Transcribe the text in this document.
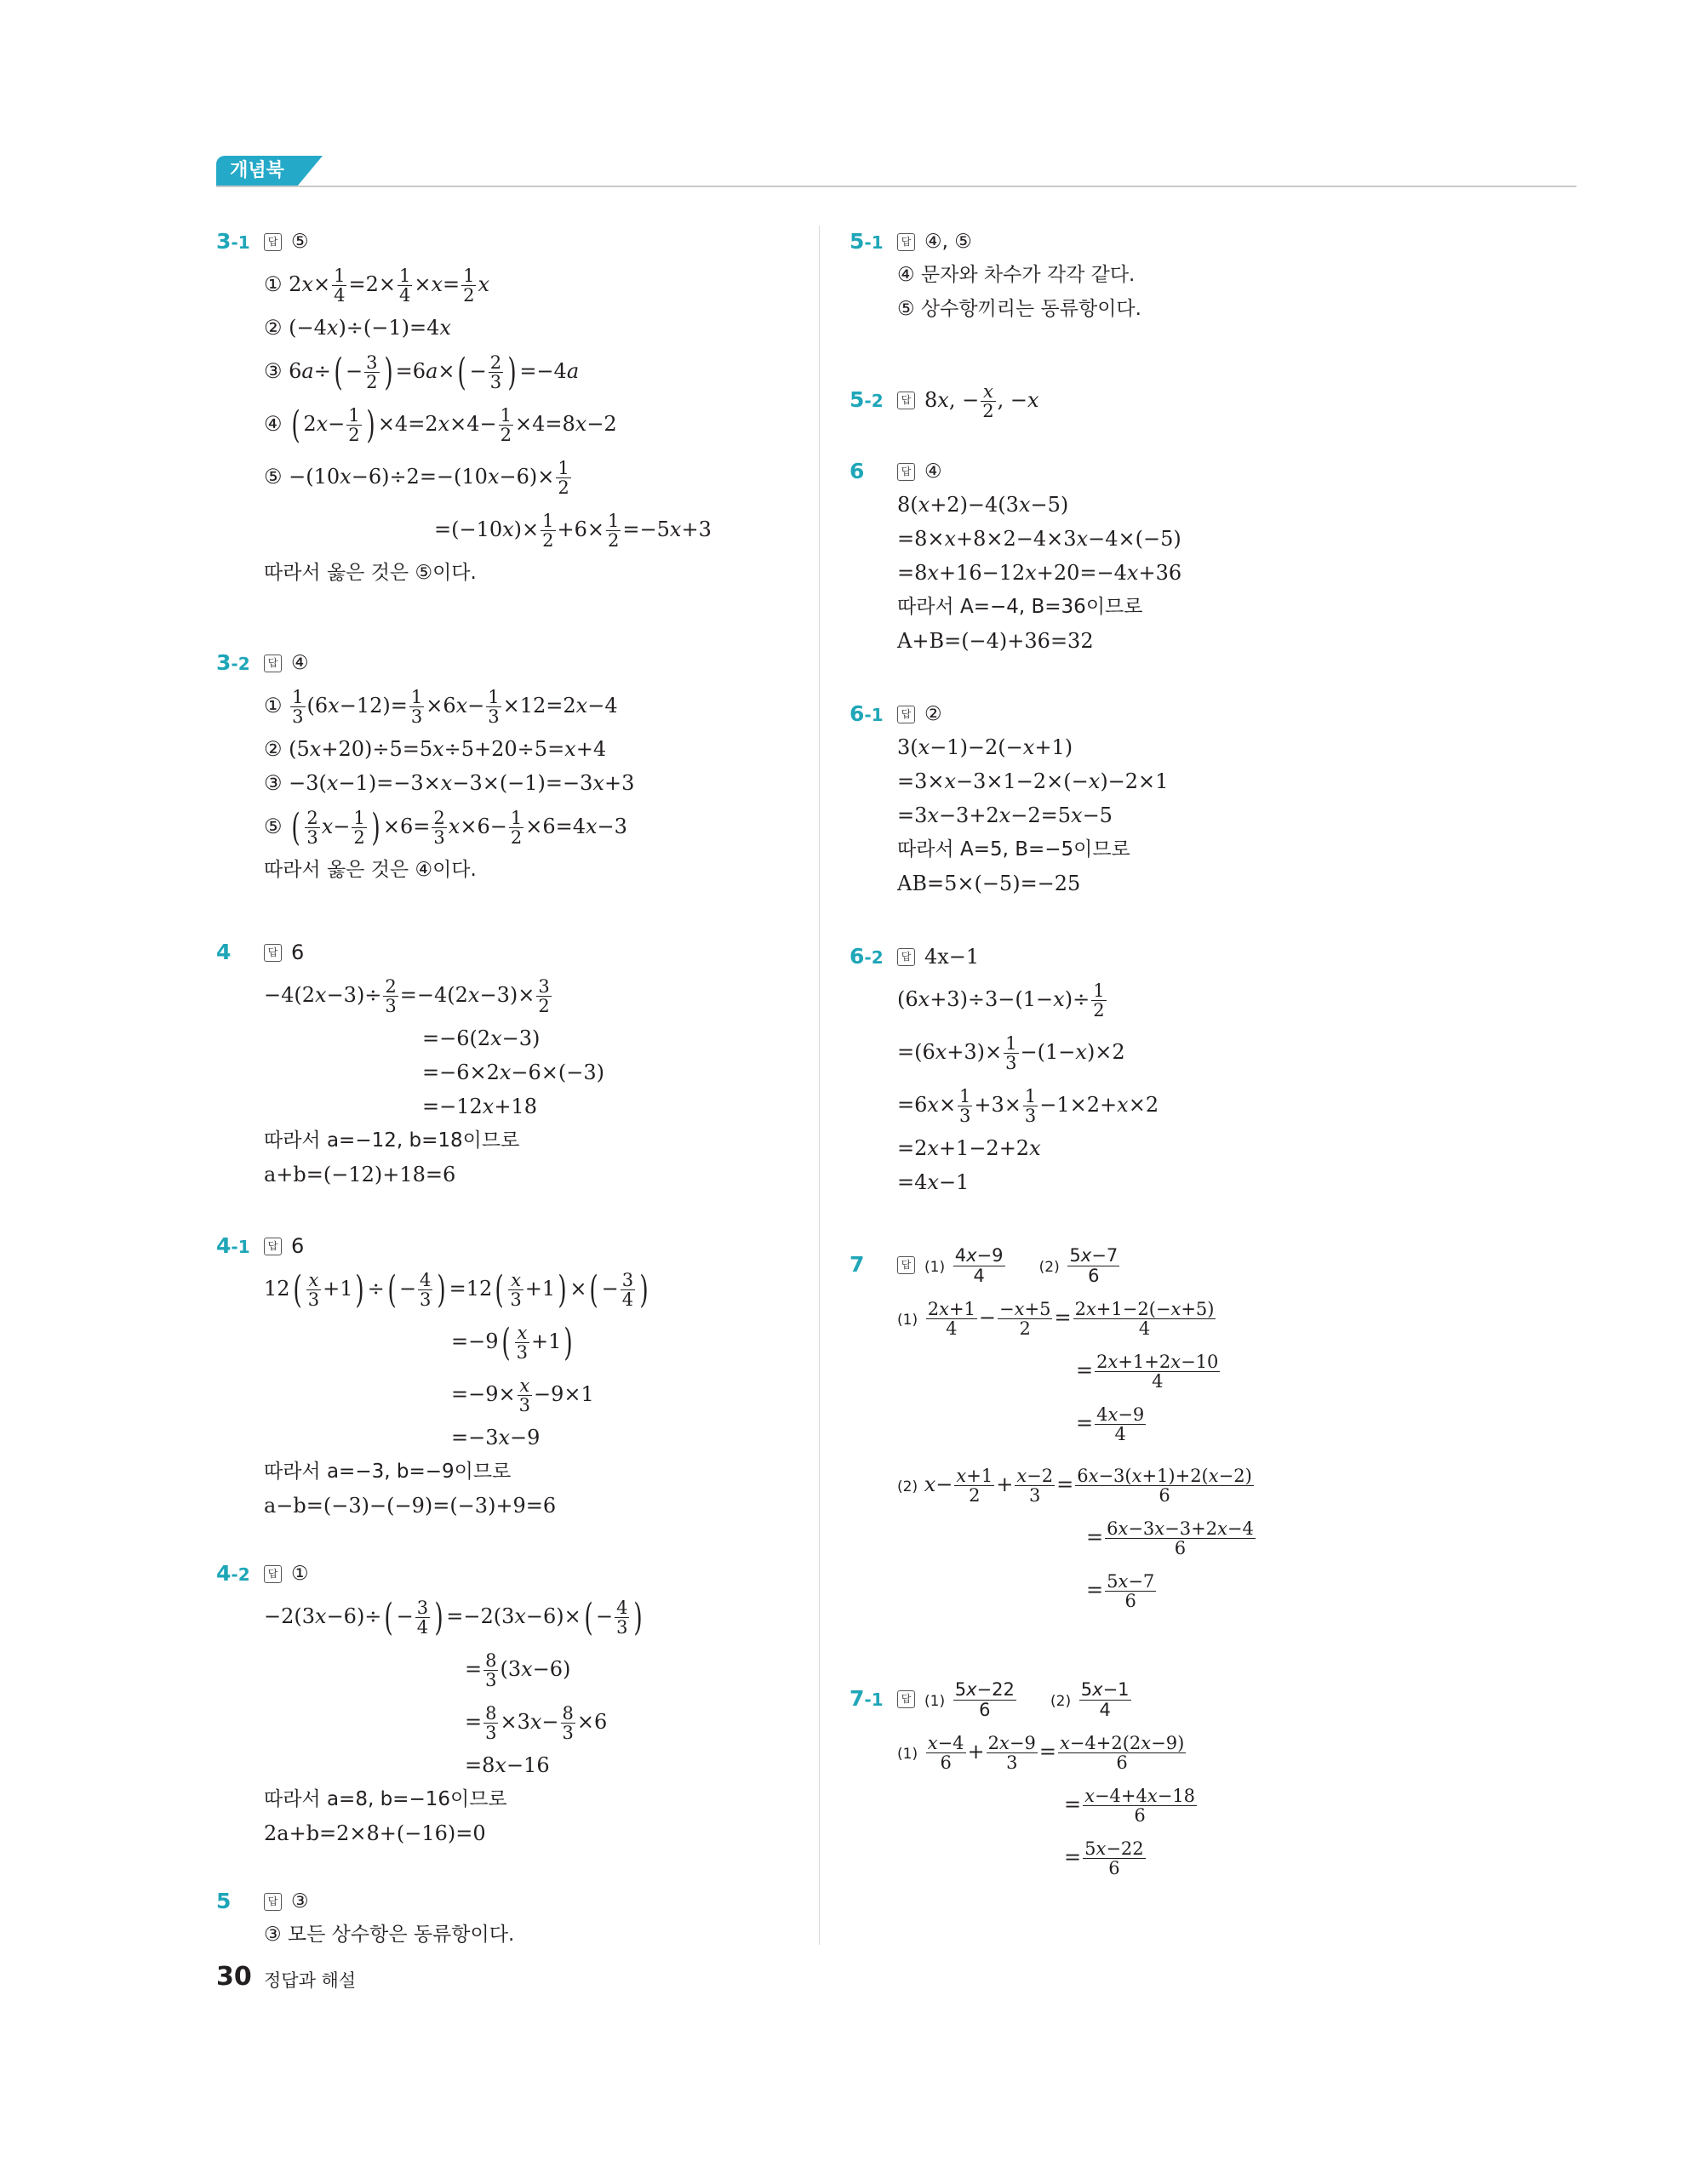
개념북
3-1	답 ⑤
① $2x\times \frac{1}{4} =2\times \frac{1}{4} \times x= \frac{1}{2}$ x
② (−4x)÷(−1)=4x
③ $6a\div( - \frac{3}{2}$ ) $=6a\times( - \frac{2}{3}$ ) =−4a
④ ( $2x- \frac{1}{2}$ ) $\times 4=2x\times 4- \frac{1}{2} \times 4=8x-2$
⑤ $-(10x-6)\div 2=-(10x-6)\times \frac{1}{2}$
$=(-10x)\times \frac{1}{2} +6\times \frac{1}{2} =-5x+3$
따라서 옳은 것은 ⑤이다.
3-2	답 ④
① $\frac{1}{3} (6x-12)= \frac{1}{3} \times 6x- \frac{1}{3} \times 12=2x-4$
② (5x+20)÷5=5x÷5+20÷5=x+4
③ −3(x−1)=−3×x−3×(−1)=−3x+3
⑤ ( $\frac{2}{3} x- \frac{1}{2}$ ) $\times 6= \frac{2}{3} x\times 6- \frac{1}{2} \times 6=4x-3$
따라서 옳은 것은 ④이다.
4	답 6
$-4(2x-3)\div \frac{2}{3} =-4(2x-3)\times \frac{3}{2}$
=−6(2x−3)
=−6×2x−6×(−3)
=−12x+18
따라서 a=−12, b=18이므로
a+b=(−12)+18=6
4-1	답 6
$12( \frac{x}{3} +1)$ ÷( − $\frac{4}{3}$ ) $=12( \frac{x}{3} +1)$ ×( − $\frac{3}{4}$ )
$=-9( \frac{x}{3} +1)$
$=-9\times \frac{x}{3} -9\times 1$
=−3x−9
따라서 a=−3, b=−9이므로
a−b=(−3)−(−9)=(−3)+9=6
4-2	답 ①
$-2(3x-6)\div( - \frac{3}{4}$ ) $=-2(3x-6)\times( - \frac{4}{3}$ )
= $\frac{8}{3} (3x-6)$
= $\frac{8}{3} \times 3x- \frac{8}{3} \times 6$
=8x−16
따라서 a=8, b=−16이므로
2a+b=2×8+(−16)=0
5	답 ③
③ 모든 상수항은 동류항이다.
5-1	답 ④, ⑤
④ 문자와 차수가 각각 같다.
⑤ 상수항끼리는 동류항이다.
5-2	답 8x, − $\frac{x}{2}$ , −x
6	답 ④
8(x+2)−4(3x−5)
=8×x+8×2−4×3x−4×(−5)
=8x+16−12x+20=−4x+36
따라서 A=−4, B=36이므로
A+B=(−4)+36=32
6-1	답 ②
3(x−1)−2(−x+1)
=3×x−3×1−2×(−x)−2×1
=3x−3+2x−2=5x−5
따라서 A=5, B=−5이므로
AB=5×(−5)=−25
6-2	답 4x−1
$(6x+3)\div 3-(1-x)\div \frac{1}{2}$
$=(6x+3)\times \frac{1}{3} -(1-x)\times 2$
$=6x\times \frac{1}{3} +3\times \frac{1}{3} -1\times 2+x\times 2$
=2x+1−2+2x
=4x−1
7	답 $(1) \frac{4x-9}{4} (2) \frac{5x-7}{6}$
$(1) \frac{2x+1}{4} - \frac{-x+5}{2} = \frac{2x+1-2(-x+5)}{4}$
= $\frac{2x+1+2x-10}{4}$
= $\frac{4x-9}{4}$
(2) $x- \frac{x+1}{2} + \frac{x-2}{3} = \frac{6x-3(x+1)+2(x-2)}{6}$
= $\frac{6x-3x-3+2x-4}{6}$
= $\frac{5x-7}{6}$
7-1	답 $(1) \frac{5x-22}{6} (2) \frac{5x-1}{4}$
$(1) \frac{x-4}{6} + \frac{2x-9}{3} = \frac{x-4+2(2x-9)}{6}$
= $\frac{x-4+4x-18}{6}$
= $\frac{5x-22}{6}$
30 정답과 해설
